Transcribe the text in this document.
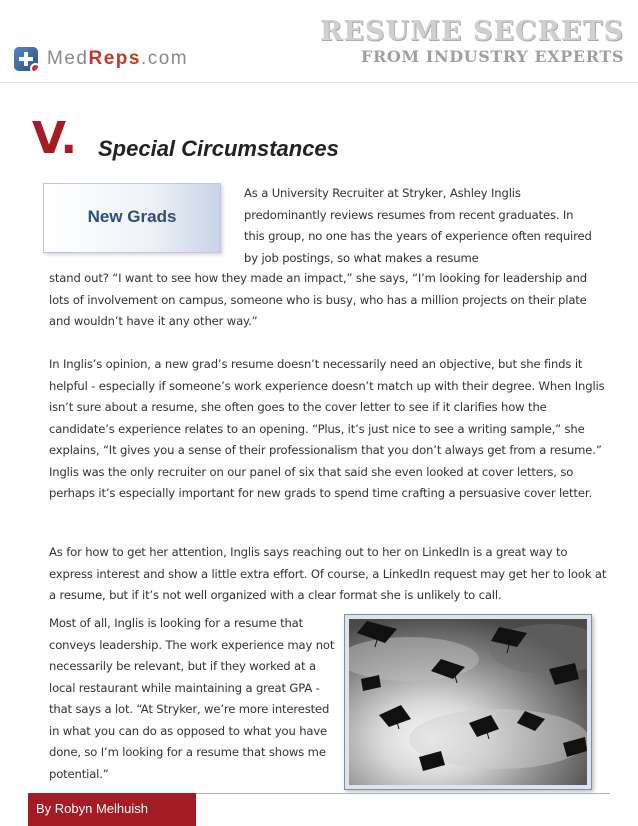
MedReps.com
RESUME SECRETS
FROM INDUSTRY EXPERTS
V. Special Circumstances
New Grads
As a University Recruiter at Stryker, Ashley Inglis predominantly reviews resumes from recent graduates. In this group, no one has the years of experience often required by job postings, so what makes a resume
stand out? “I want to see how they made an impact,” she says, “I’m looking for leadership and lots of involvement on campus, someone who is busy, who has a million projects on their plate and wouldn’t have it any other way.”
In Inglis’s opinion, a new grad’s resume doesn’t necessarily need an objective, but she finds it helpful - especially if someone’s work experience doesn’t match up with their degree. When Inglis isn’t sure about a resume, she often goes to the cover letter to see if it clarifies how the candidate’s experience relates to an opening. “Plus, it’s just nice to see a writing sample,” she explains, “It gives you a sense of their professionalism that you don’t always get from a resume.” Inglis was the only recruiter on our panel of six that said she even looked at cover letters, so perhaps it’s especially important for new grads to spend time crafting a persuasive cover letter.
As for how to get her attention, Inglis says reaching out to her on LinkedIn is a great way to express interest and show a little extra effort. Of course, a LinkedIn request may get her to look at a resume, but if it’s not well organized with a clear format she is unlikely to call.
Most of all, Inglis is looking for a resume that conveys leadership. The work experience may not necessarily be relevant, but if they worked at a local restaurant while maintaining a great GPA - that says a lot. “At Stryker, we’re more interested in what you can do as opposed to what you have done, so I’m looking for a resume that shows me potential.”
By Robyn Melhuish
